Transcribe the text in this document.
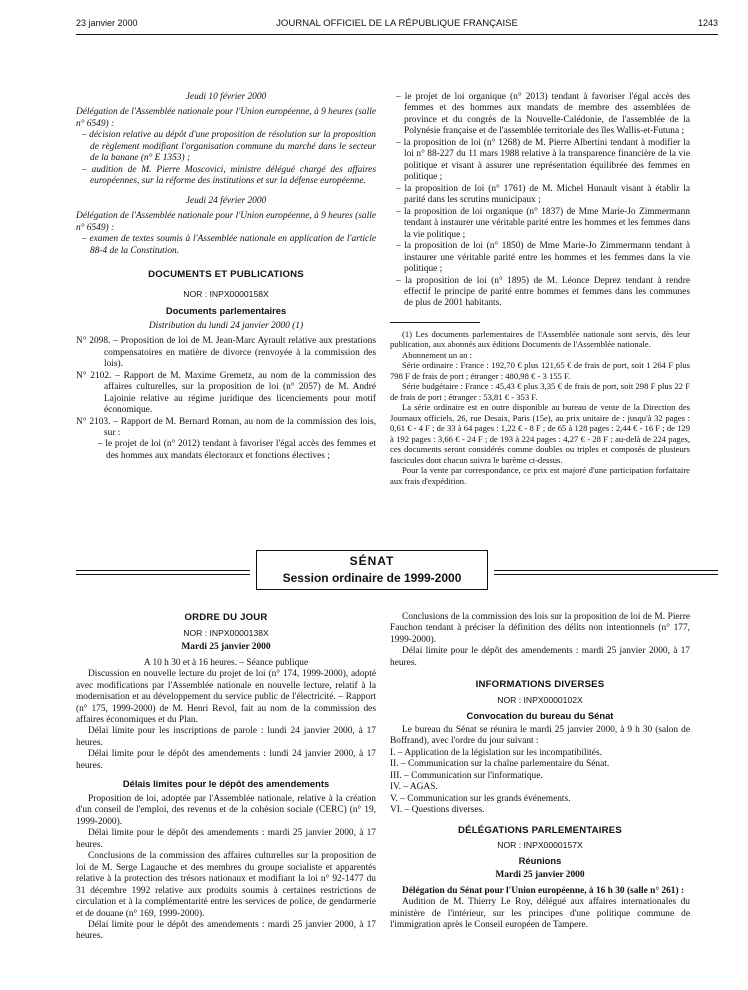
23 janvier 2000	JOURNAL OFFICIEL DE LA RÉPUBLIQUE FRANÇAISE	1243
Jeudi 10 février 2000
Délégation de l'Assemblée nationale pour l'Union européenne, à 9 heures (salle n° 6549) :
– décision relative au dépôt d'une proposition de résolution sur la proposition de règlement modifiant l'organisation commune du marché dans le secteur de la banane (n° E 1353) ;
– audition de M. Pierre Moscovici, ministre délégué chargé des affaires européennes, sur la réforme des institutions et sur la défense européenne.
Jeudi 24 février 2000
Délégation de l'Assemblée nationale pour l'Union européenne, à 9 heures (salle n° 6549) :
– examen de textes soumis à l'Assemblée nationale en application de l'article 88-4 de la Constitution.
DOCUMENTS ET PUBLICATIONS
NOR : INPX0000158X
Documents parlementaires
Distribution du lundi 24 janvier 2000 (1)
N° 2098. – Proposition de loi de M. Jean-Marc Ayrault relative aux prestations compensatoires en matière de divorce (renvoyée à la commission des lois).
N° 2102. – Rapport de M. Maxime Gremetz, au nom de la commission des affaires culturelles, sur la proposition de loi (n° 2057) de M. André Lajoinie relative au régime juridique des licenciements pour motif économique.
N° 2103. – Rapport de M. Bernard Roman, au nom de la commission des lois, sur :
– le projet de loi (n° 2012) tendant à favoriser l'égal accès des femmes et des hommes aux mandats électoraux et fonctions électives ;
– le projet de loi organique (n° 2013) tendant à favoriser l'égal accès des femmes et des hommes aux mandats de membre des assemblées de province et du congrès de la Nouvelle-Calédonie, de l'assemblée de la Polynésie française et de l'assemblée territoriale des îles Wallis-et-Futuna ;
– la proposition de loi (n° 1268) de M. Pierre Albertini tendant à modifier la loi n° 88-227 du 11 mars 1988 relative à la transparence financière de la vie politique et visant à assurer une représentation équilibrée des femmes en politique ;
– la proposition de loi (n° 1761) de M. Michel Hunault visant à établir la parité dans les scrutins municipaux ;
– la proposition de loi organique (n° 1837) de Mme Marie-Jo Zimmermann tendant à instaurer une véritable parité entre les hommes et les femmes dans la vie politique ;
– la proposition de loi (n° 1850) de Mme Marie-Jo Zimmermann tendant à instaurer une véritable parité entre les hommes et les femmes dans la vie politique ;
– la proposition de loi (n° 1895) de M. Léonce Deprez tendant à rendre effectif le principe de parité entre hommes et femmes dans les communes de plus de 2001 habitants.
(1) Les documents parlementaires de l'Assemblée nationale sont servis, dès leur publication, aux abonnés aux éditions Documents de l'Assemblée nationale.
Abonnement un an :
Série ordinaire : France : 192,70 € plus 121,65 € de frais de port, soit 1 264 F plus 798 F de frais de port ; étranger : 480,98 € - 3 155 F.
Série budgétaire : France : 45,43 € plus 3,35 € de frais de port, soit 298 F plus 22 F de frais de port ; étranger : 53,81 € - 353 F.
La série ordinaire est en outre disponible au bureau de vente de la Direction des Journaux officiels, 26, rue Desaix, Paris (15e), au prix unitaire de : jusqu'à 32 pages : 0,61 € - 4 F ; de 33 à 64 pages : 1,22 € - 8 F ; de 65 à 128 pages : 2,44 € - 16 F ; de 129 à 192 pages : 3,66 € - 24 F ; de 193 à 224 pages : 4,27 € - 28 F ; au-delà de 224 pages, ces documents seront considérés comme doubles ou triples et composés de plusieurs fascicules dont chacun suivra le barème ci-dessus.
Pour la vente par correspondance, ce prix est majoré d'une participation forfaitaire aux frais d'expédition.
SÉNAT
Session ordinaire de 1999-2000
ORDRE DU JOUR
NOR : INPX0000138X
Mardi 25 janvier 2000
A 10 h 30 et à 16 heures. – Séance publique
Discussion en nouvelle lecture du projet de loi (n° 174, 1999-2000), adopté avec modifications par l'Assemblée nationale en nouvelle lecture, relatif à la modernisation et au développement du service public de l'électricité. – Rapport (n° 175, 1999-2000) de M. Henri Revol, fait au nom de la commission des affaires économiques et du Plan.
Délai limite pour les inscriptions de parole : lundi 24 janvier 2000, à 17 heures.
Délai limite pour le dépôt des amendements : lundi 24 janvier 2000, à 17 heures.
Délais limites pour le dépôt des amendements
Proposition de loi, adoptée par l'Assemblée nationale, relative à la création d'un conseil de l'emploi, des revenus et de la cohésion sociale (CERC) (n° 19, 1999-2000).
Délai limite pour le dépôt des amendements : mardi 25 janvier 2000, à 17 heures.
Conclusions de la commission des affaires culturelles sur la proposition de loi de M. Serge Lagauche et des membres du groupe socialiste et apparentés relative à la protection des trésors nationaux et modifiant la loi n° 92-1477 du 31 décembre 1992 relative aux produits soumis à certaines restrictions de circulation et à la complémentarité entre les services de police, de gendarmerie et de douane (n° 169, 1999-2000).
Délai limite pour le dépôt des amendements : mardi 25 janvier 2000, à 17 heures.
Conclusions de la commission des lois sur la proposition de loi de M. Pierre Fauchon tendant à préciser la définition des délits non intentionnels (n° 177, 1999-2000).
Délai limite pour le dépôt des amendements : mardi 25 janvier 2000, à 17 heures.
INFORMATIONS DIVERSES
NOR : INPX0000102X
Convocation du bureau du Sénat
Le bureau du Sénat se réunira le mardi 25 janvier 2000, à 9 h 30 (salon de Boffrand), avec l'ordre du jour suivant :
I. – Application de la législation sur les incompatibilités.
II. – Communication sur la chaîne parlementaire du Sénat.
III. – Communication sur l'informatique.
IV. – AGAS.
V. – Communication sur les grands événements.
VI. – Questions diverses.
DÉLÉGATIONS PARLEMENTAIRES
NOR : INPX0000157X
Réunions
Mardi 25 janvier 2000
Délégation du Sénat pour l'Union européenne, à 16 h 30 (salle n° 261) :
Audition de M. Thierry Le Roy, délégué aux affaires internationales du ministère de l'intérieur, sur les principes d'une politique commune de l'immigration après le Conseil européen de Tampere.
